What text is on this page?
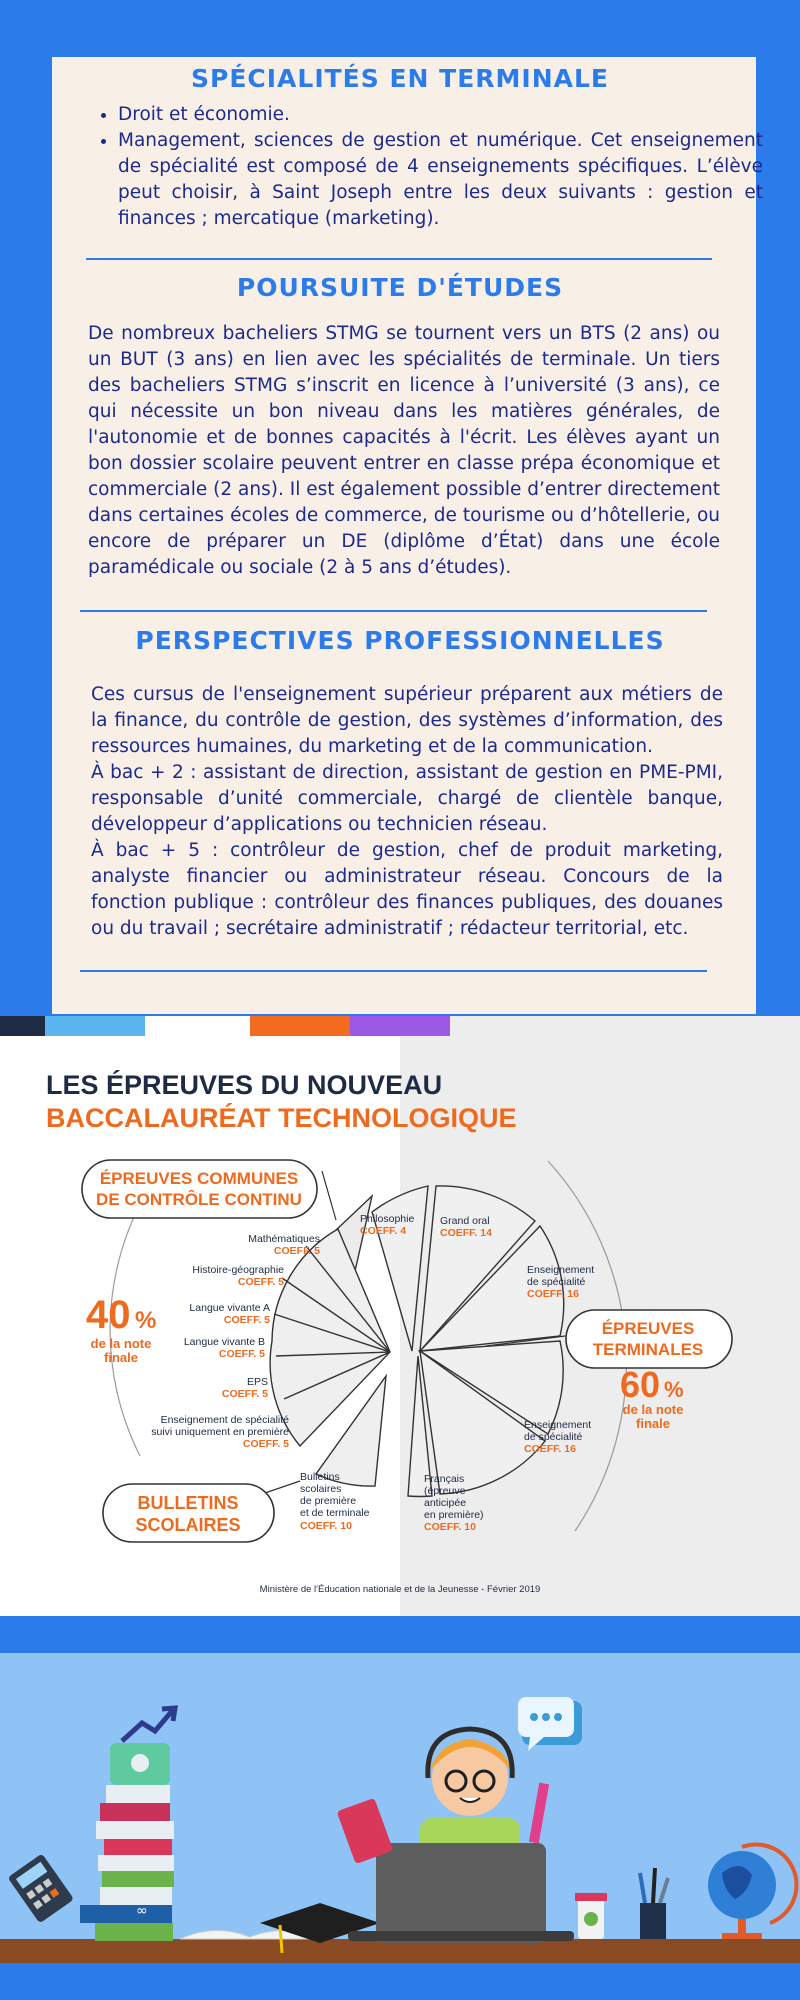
SPÉCIALITÉS EN TERMINALE
• Droit et économie.
• Management, sciences de gestion et numérique. Cet enseignement de spécialité est composé de 4 enseignements spécifiques. L’élève peut choisir, à Saint Joseph entre les deux suivants : gestion et finances ; mercatique (marketing).
POURSUITE D'ÉTUDES

De nombreux bacheliers STMG se tournent vers un BTS (2 ans) ou un BUT (3 ans) en lien avec les spécialités de terminale. Un tiers des bacheliers STMG s’inscrit en licence à l’université (3 ans), ce qui nécessite un bon niveau dans les matières générales, de l'autonomie et de bonnes capacités à l'écrit. Les élèves ayant un bon dossier scolaire peuvent entrer en classe prépa économique et commerciale (2 ans). Il est également possible d’entrer directement dans certaines écoles de commerce, de tourisme ou d’hôtellerie, ou encore de préparer un DE (diplôme d’État) dans une école paramédicale ou sociale (2 à 5 ans d’études).

PERSPECTIVES PROFESSIONNELLES

Ces cursus de l'enseignement supérieur préparent aux métiers de la finance, du contrôle de gestion, des systèmes d’information, des ressources humaines, du marketing et de la communication.

À bac + 2 : assistant de direction, assistant de gestion en PME-PMI, responsable d’unité commerciale, chargé de clientèle banque, développeur d’applications ou technicien réseau.

À bac + 5 : contrôleur de gestion, chef de produit marketing, analyste financier ou administrateur réseau. Concours de la fonction publique : contrôleur des finances publiques, des douanes ou du travail ; secrétaire administratif ; rédacteur territorial, etc.

LES ÉPREUVES DU NOUVEAU
BACCALAURÉAT TECHNOLOGIQUE
ÉPREUVES COMMUNES
DE CONTRÔLE CONTINU
ÉPREUVES
TERMINALES
BULLETINS
SCOLAIRES
40 %
de la note
finale
60 %
de la note
finale
Mathématiques
COEFF. 5
Histoire-géographie
COEFF. 5
Langue vivante A
COEFF. 5
Langue vivante B
COEFF. 5
EPS
COEFF. 5
Enseignement de spécialité
suivi uniquement en première
COEFF. 5
Bulletins
scolaires
de première
et de terminale
COEFF. 10
Philosophie
COEFF. 4
Grand oral
COEFF. 14
Enseignement
de spécialité
COEFF. 16
Enseignement
de spécialité
COEFF. 16
Français
(épreuve
anticipée
en première)
COEFF. 10
Ministère de l'Éducation nationale et de la Jeunesse - Février 2019
∞
